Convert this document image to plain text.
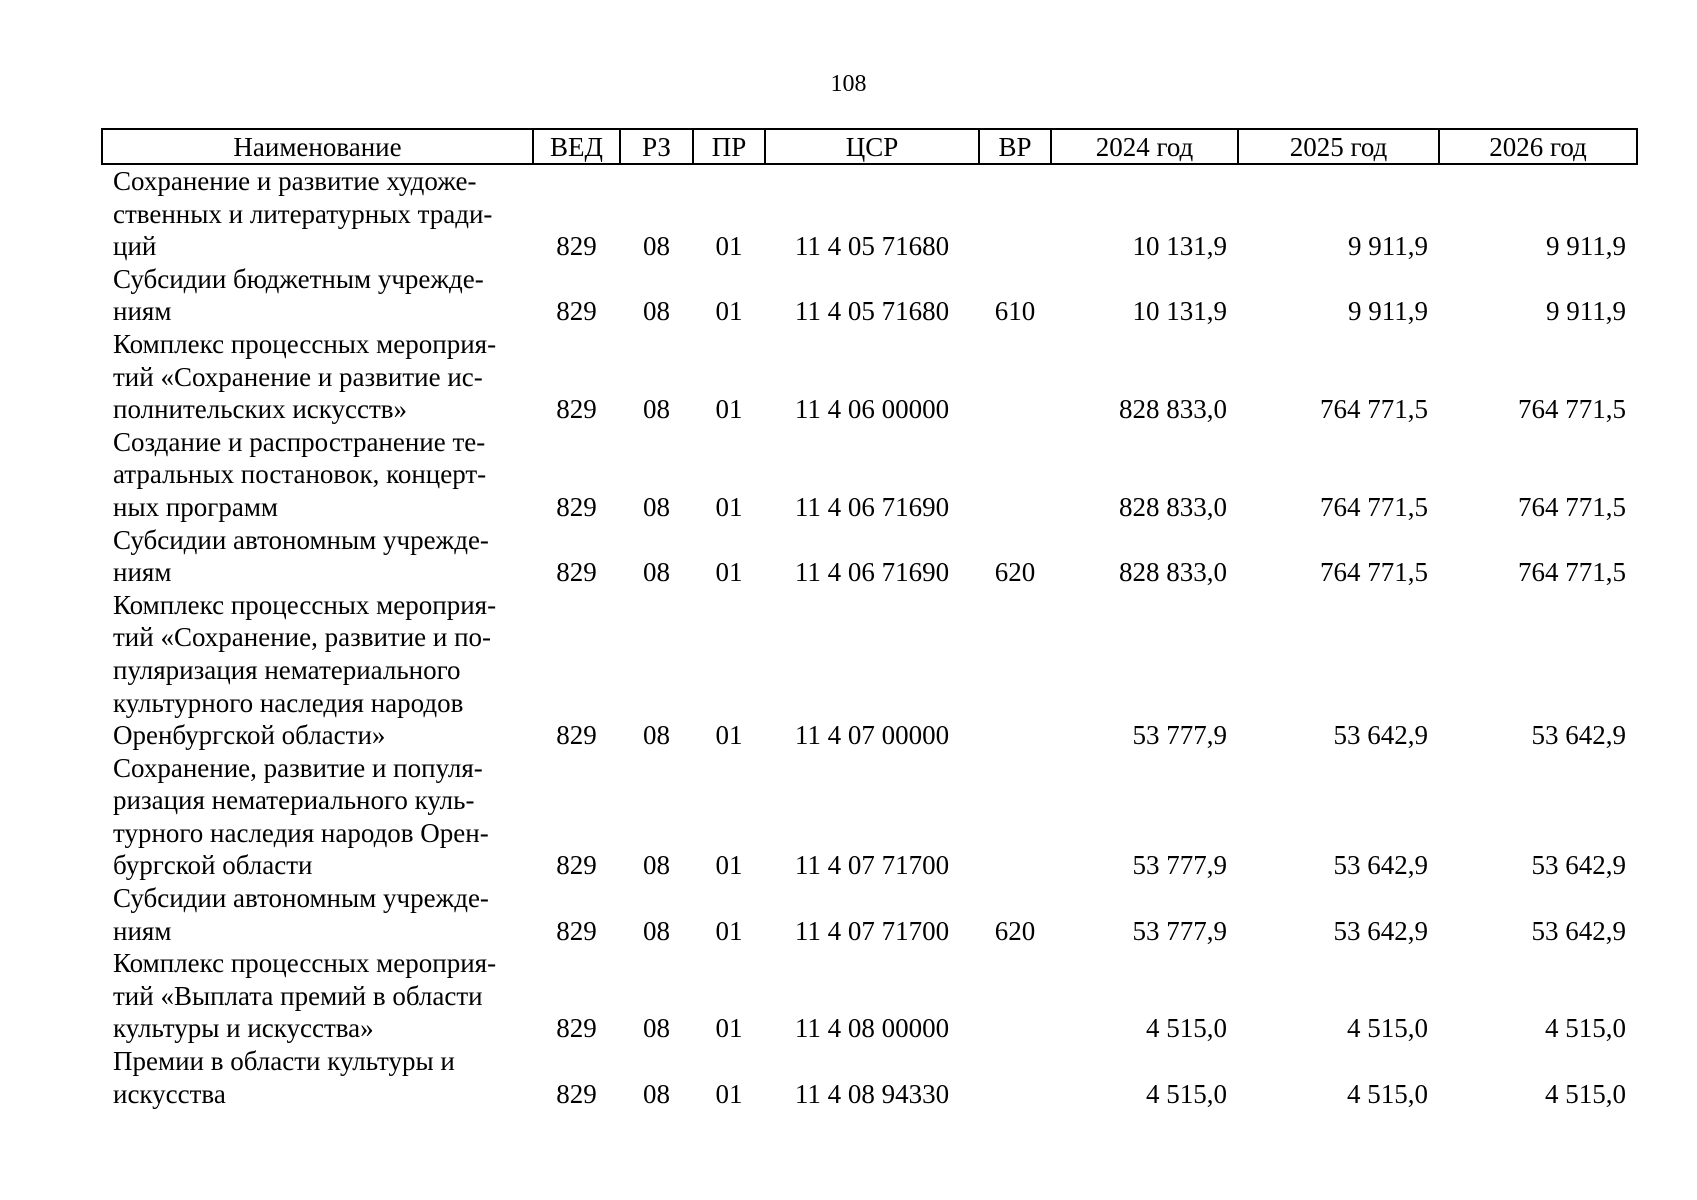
108
Наименование	ВЕД	РЗ	ПР	ЦСР	ВР	2024 год	2025 год	2026 год

Сохранение и развитие художе-
ственных и литературных тради-
ций	829	08	01	11 4 05 71680		10 131,9	9 911,9	9 911,9

Субсидии бюджетным учрежде-
ниям	829	08	01	11 4 05 71680	610	10 131,9	9 911,9	9 911,9

Комплекс процессных мероприя-
тий «Сохранение и развитие ис-
полнительских искусств»	829	08	01	11 4 06 00000		828 833,0	764 771,5	764 771,5

Создание и распространение те-
атральных постановок, концерт-
ных программ	829	08	01	11 4 06 71690		828 833,0	764 771,5	764 771,5

Субсидии автономным учрежде-
ниям	829	08	01	11 4 06 71690	620	828 833,0	764 771,5	764 771,5

Комплекс процессных мероприя-
тий «Сохранение, развитие и по-
пуляризация нематериального
культурного наследия народов
Оренбургской области»	829	08	01	11 4 07 00000		53 777,9	53 642,9	53 642,9

Сохранение, развитие и популя-
ризация нематериального куль-
турного наследия народов Орен-
бургской области	829	08	01	11 4 07 71700		53 777,9	53 642,9	53 642,9

Субсидии автономным учрежде-
ниям	829	08	01	11 4 07 71700	620	53 777,9	53 642,9	53 642,9

Комплекс процессных мероприя-
тий «Выплата премий в области
культуры и искусства»	829	08	01	11 4 08 00000		4 515,0	4 515,0	4 515,0

Премии в области культуры и
искусства	829	08	01	11 4 08 94330		4 515,0	4 515,0	4 515,0
